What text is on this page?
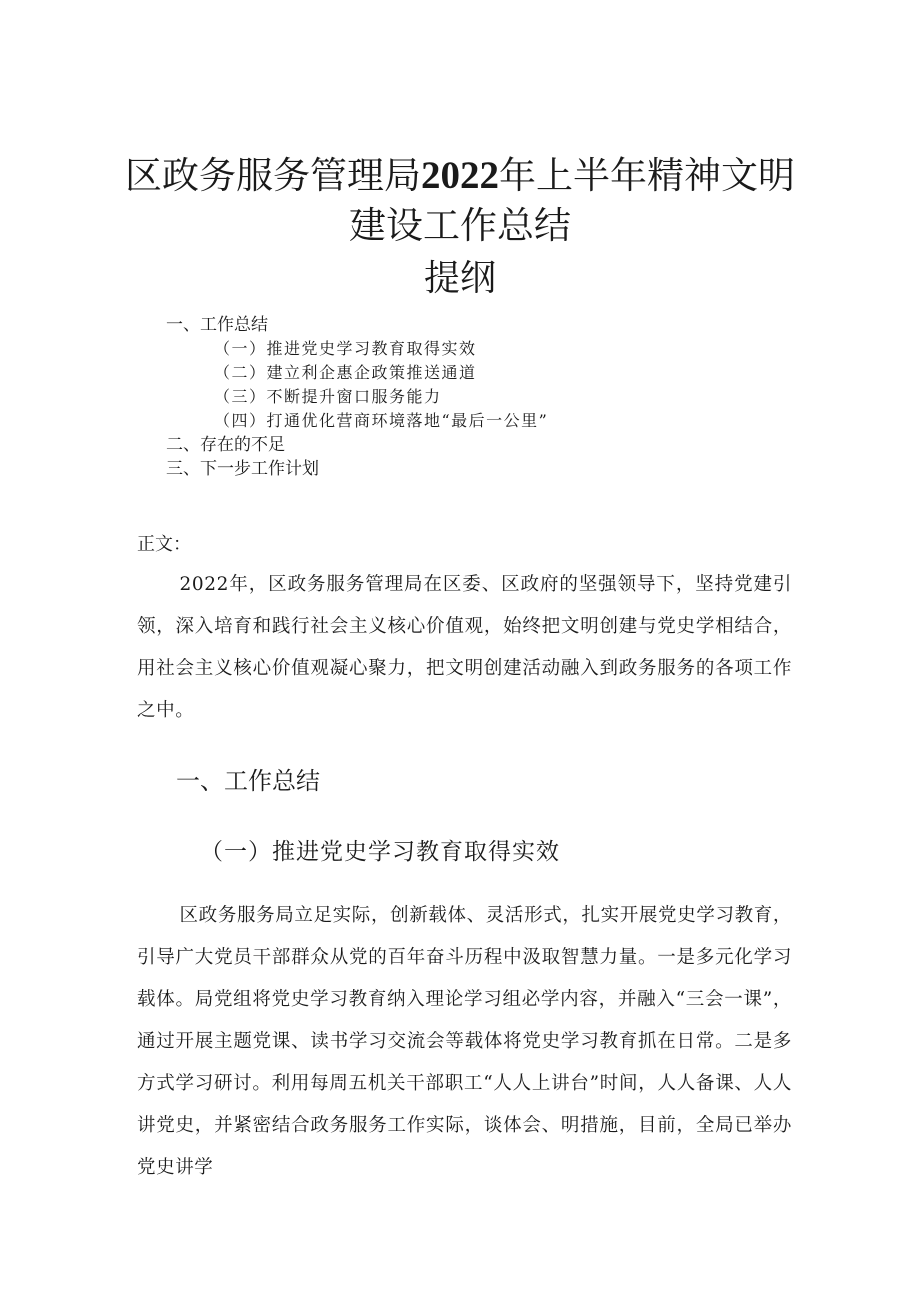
区政务服务管理局2022年上半年精神文明
建设工作总结
提纲
一、工作总结
（一）推进党史学习教育取得实效
（二）建立利企惠企政策推送通道
（三）不断提升窗口服务能力
（四）打通优化营商环境落地“最后一公里”
二、存在的不足
三、下一步工作计划
正文：

2022年，区政务服务管理局在区委、区政府的坚强领导下，坚持党建引领，深入培育和践行社会主义核心价值观，始终把文明创建与党史学相结合，用社会主义核心价值观凝心聚力，把文明创建活动融入到政务服务的各项工作之中。

一、工作总结
（一）推进党史学习教育取得实效

区政务服务局立足实际，创新载体、灵活形式，扎实开展党史学习教育，引导广大党员干部群众从党的百年奋斗历程中汲取智慧力量。一是多元化学习载体。局党组将党史学习教育纳入理论学习组必学内容，并融入“三会一课”，通过开展主题党课、读书学习交流会等载体将党史学习教育抓在日常。二是多方式学习研讨。利用每周五机关干部职工“人人上讲台”时间，人人备课、人人讲党史，并紧密结合政务服务工作实际，谈体会、明措施，目前，全局已举办党史讲学
